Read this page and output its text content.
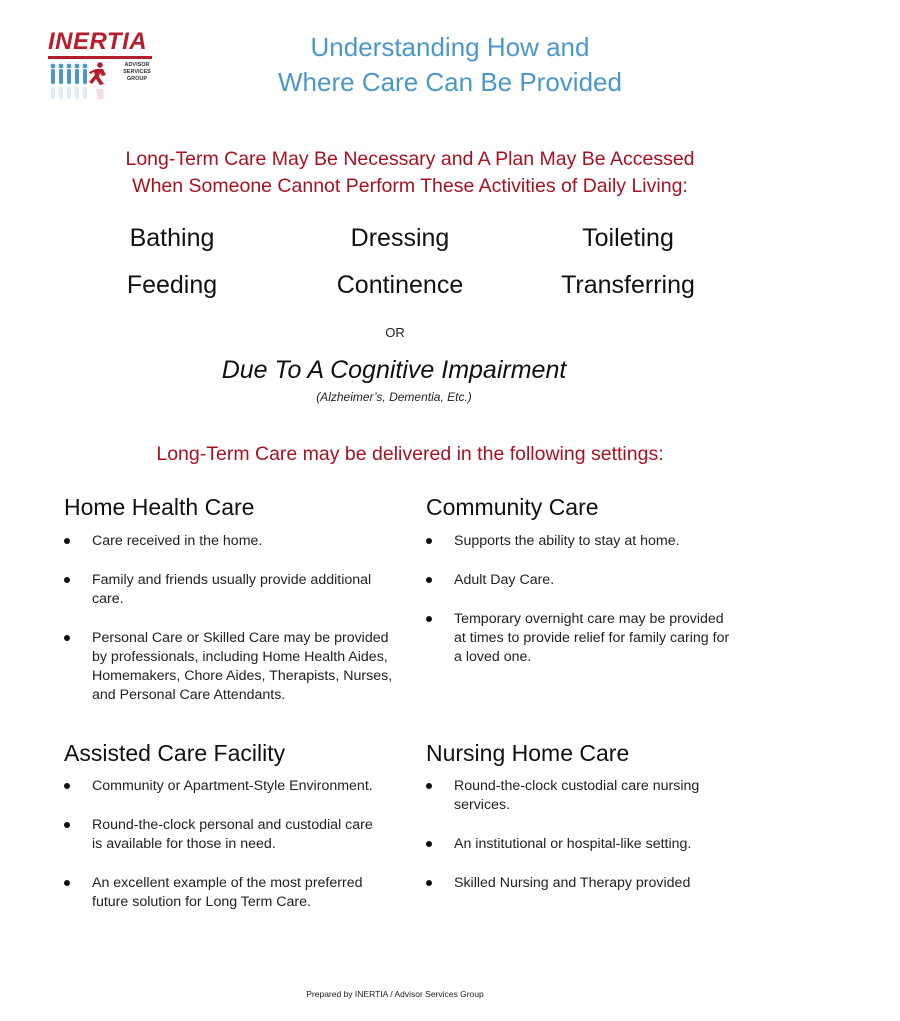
INERTIA
ADVISOR
SERVICES
GROUP
Understanding How and
Where Care Can Be Provided
Long-Term Care May Be Necessary and A Plan May Be Accessed
When Someone Cannot Perform These Activities of Daily Living:
Bathing	Dressing	Toileting
Feeding	Continence	Transferring
OR
Due To A Cognitive Impairment
(Alzheimer’s, Dementia, Etc.)
Long-Term Care may be delivered in the following settings:
Home Health Care
Care received in the home.
Family and friends usually provide additional care.
Personal Care or Skilled Care may be provided by professionals, including Home Health Aides, Homemakers, Chore Aides, Therapists, Nurses, and Personal Care Attendants.
Community Care
Supports the ability to stay at home.
Adult Day Care.
Temporary overnight care may be provided at times to provide relief for family caring for a loved one.
Assisted Care Facility
Community or Apartment-Style Environment.
Round-the-clock personal and custodial care is available for those in need.
An excellent example of the most preferred future solution for Long Term Care.
Nursing Home Care
Round-the-clock custodial care nursing services.
An institutional or hospital-like setting.
Skilled Nursing and Therapy provided
Prepared by INERTIA / Advisor Services Group
